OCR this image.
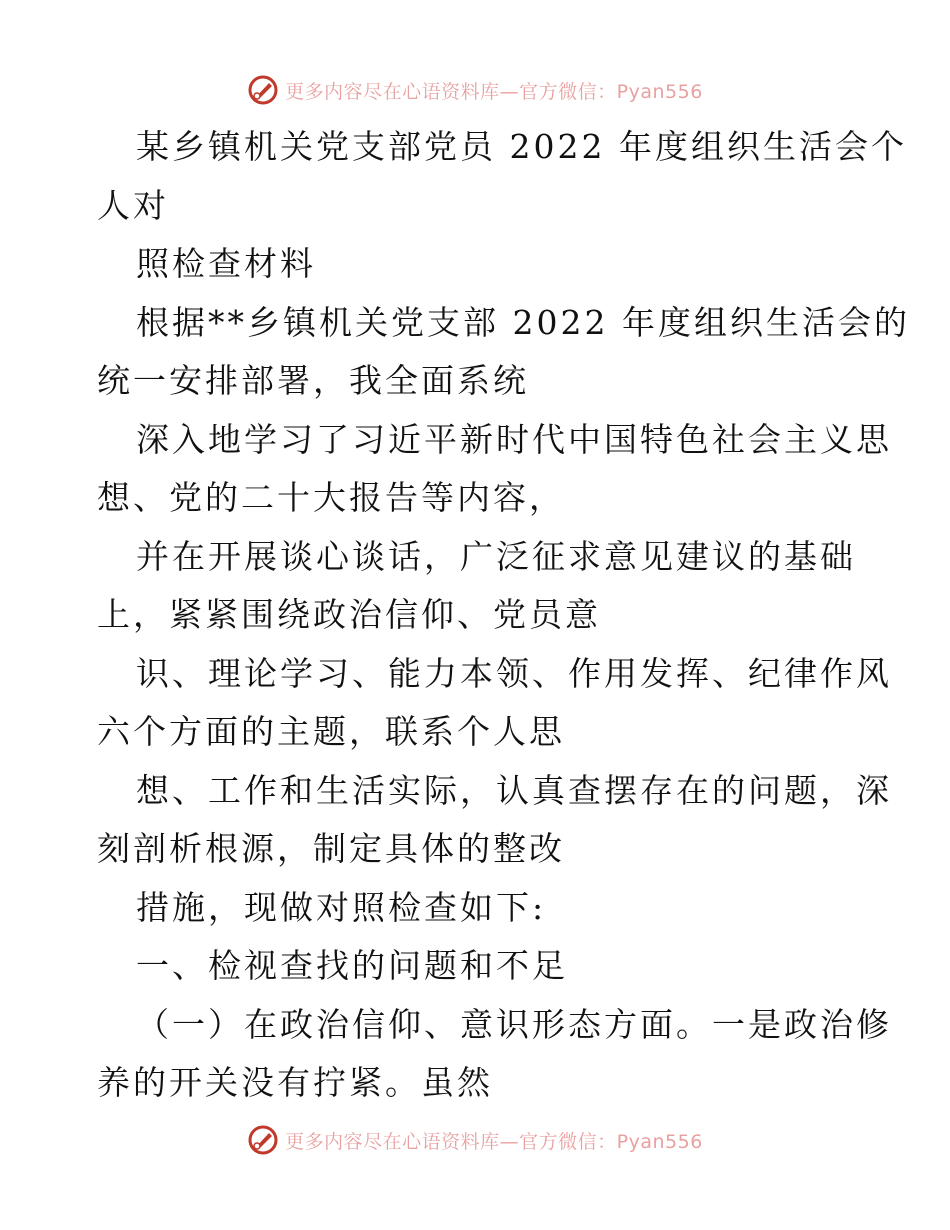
更多内容尽在心语资料库—官方微信：Pyan556
某乡镇机关党支部党员 2022 年度组织生活会个
人对
照检查材料
根据**乡镇机关党支部 2022 年度组织生活会的
统一安排部署，我全面系统
深入地学习了习近平新时代中国特色社会主义思
想、党的二十大报告等内容，
并在开展谈心谈话，广泛征求意见建议的基础
上，紧紧围绕政治信仰、党员意
识、理论学习、能力本领、作用发挥、纪律作风
六个方面的主题，联系个人思
想、工作和生活实际，认真查摆存在的问题，深
刻剖析根源，制定具体的整改
措施，现做对照检查如下:
一、检视查找的问题和不足
（一）在政治信仰、意识形态方面。一是政治修
养的开关没有拧紧。虽然
更多内容尽在心语资料库—官方微信：Pyan556
